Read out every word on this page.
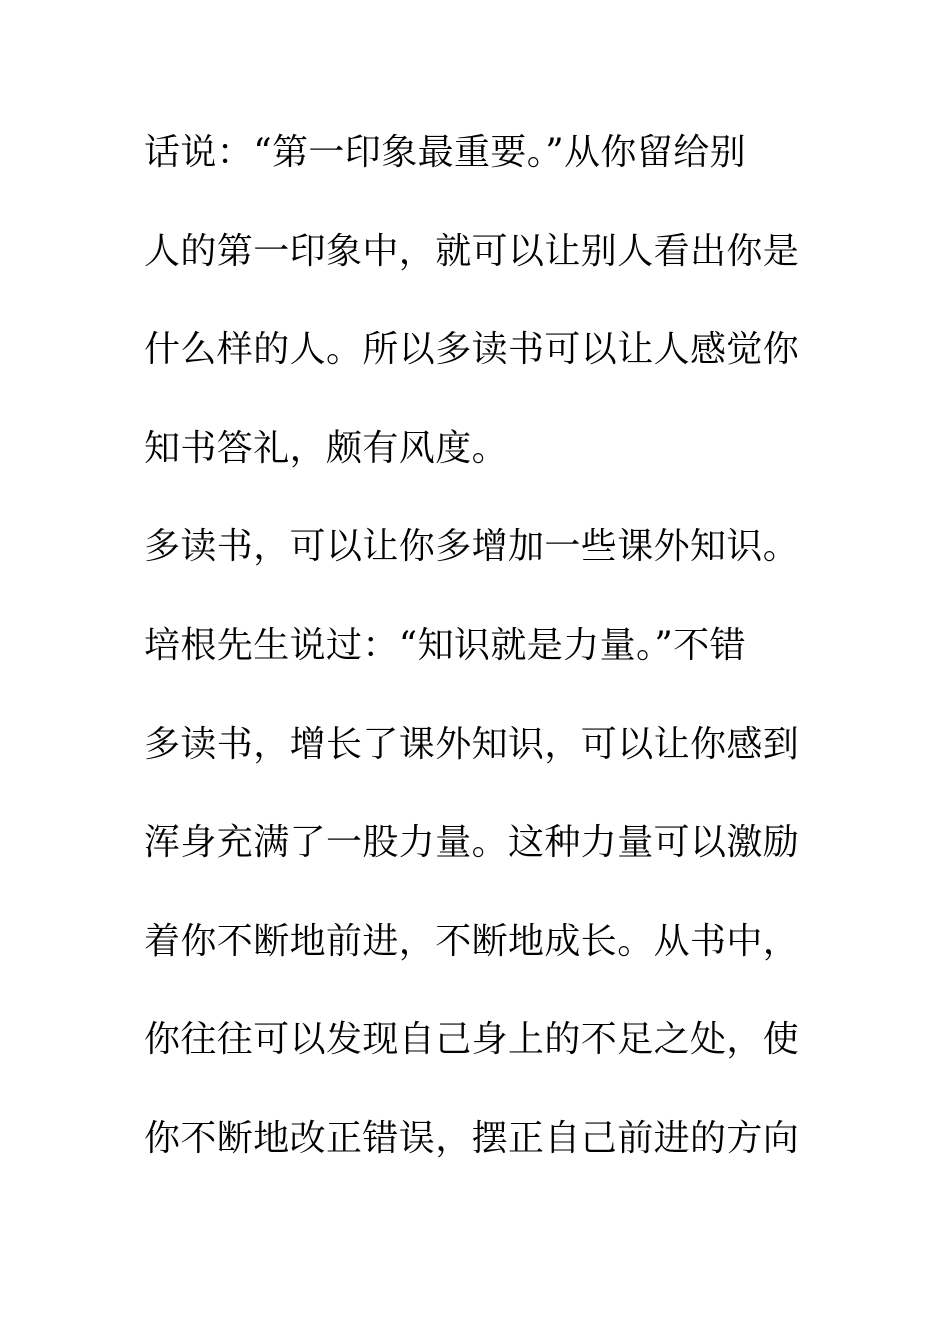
话说：“第一印象最重要。”从你留给别
人的第一印象中，就可以让别人看出你是
什么样的人。所以多读书可以让人感觉你
知书答礼，颇有风度。
多读书，可以让你多增加一些课外知识。
培根先生说过：“知识就是力量。”不错
多读书，增长了课外知识，可以让你感到
浑身充满了一股力量。这种力量可以激励
着你不断地前进，不断地成长。从书中，
你往往可以发现自己身上的不足之处，使
你不断地改正错误，摆正自己前进的方向
